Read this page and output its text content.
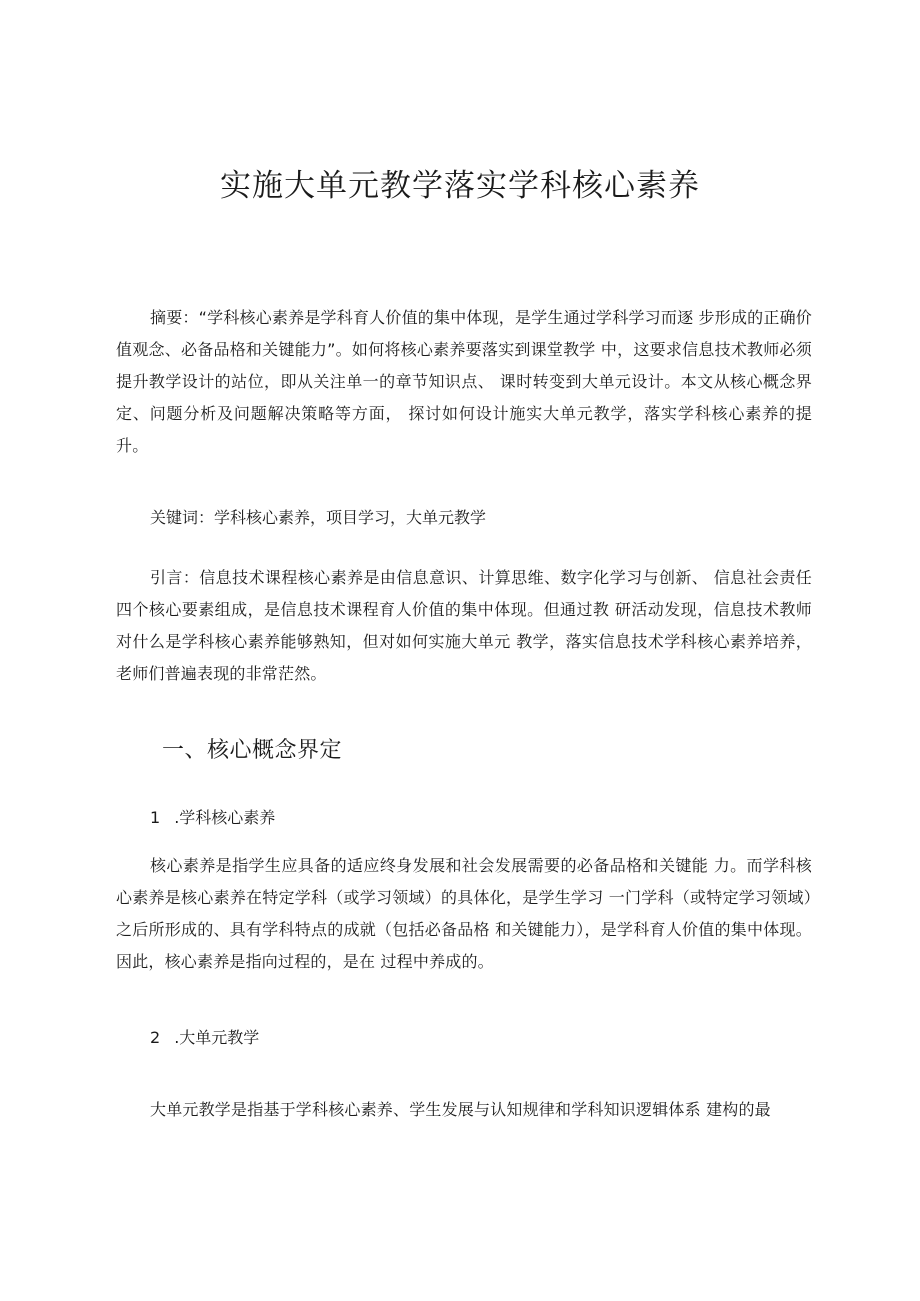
实施大单元教学落实学科核心素养

摘要：“学科核心素养是学科育人价值的集中体现，是学生通过学科学习而逐 步形成的正确价值观念、必备品格和关键能力”。如何将核心素养要落实到课堂教学 中，这要求信息技术教师必须提升教学设计的站位，即从关注单一的章节知识点、 课时转变到大单元设计。本文从核心概念界定、问题分析及问题解决策略等方面， 探讨如何设计施实大单元教学，落实学科核心素养的提升。

关键词：学科核心素养，项目学习，大单元教学

引言：信息技术课程核心素养是由信息意识、计算思维、数字化学习与创新、 信息社会责任四个核心要素组成，是信息技术课程育人价值的集中体现。但通过教 研活动发现，信息技术教师对什么是学科核心素养能够熟知，但对如何实施大单元 教学，落实信息技术学科核心素养培养，老师们普遍表现的非常茫然。

一、核心概念界定

1 .学科核心素养

核心素养是指学生应具备的适应终身发展和社会发展需要的必备品格和关键能 力。而学科核心素养是核心素养在特定学科（或学习领域）的具体化，是学生学习 一门学科（或特定学习领域）之后所形成的、具有学科特点的成就（包括必备品格 和关键能力），是学科育人价值的集中体现。因此，核心素养是指向过程的，是在 过程中养成的。

2 .大单元教学

大单元教学是指基于学科核心素养、学生发展与认知规律和学科知识逻辑体系 建构的最
